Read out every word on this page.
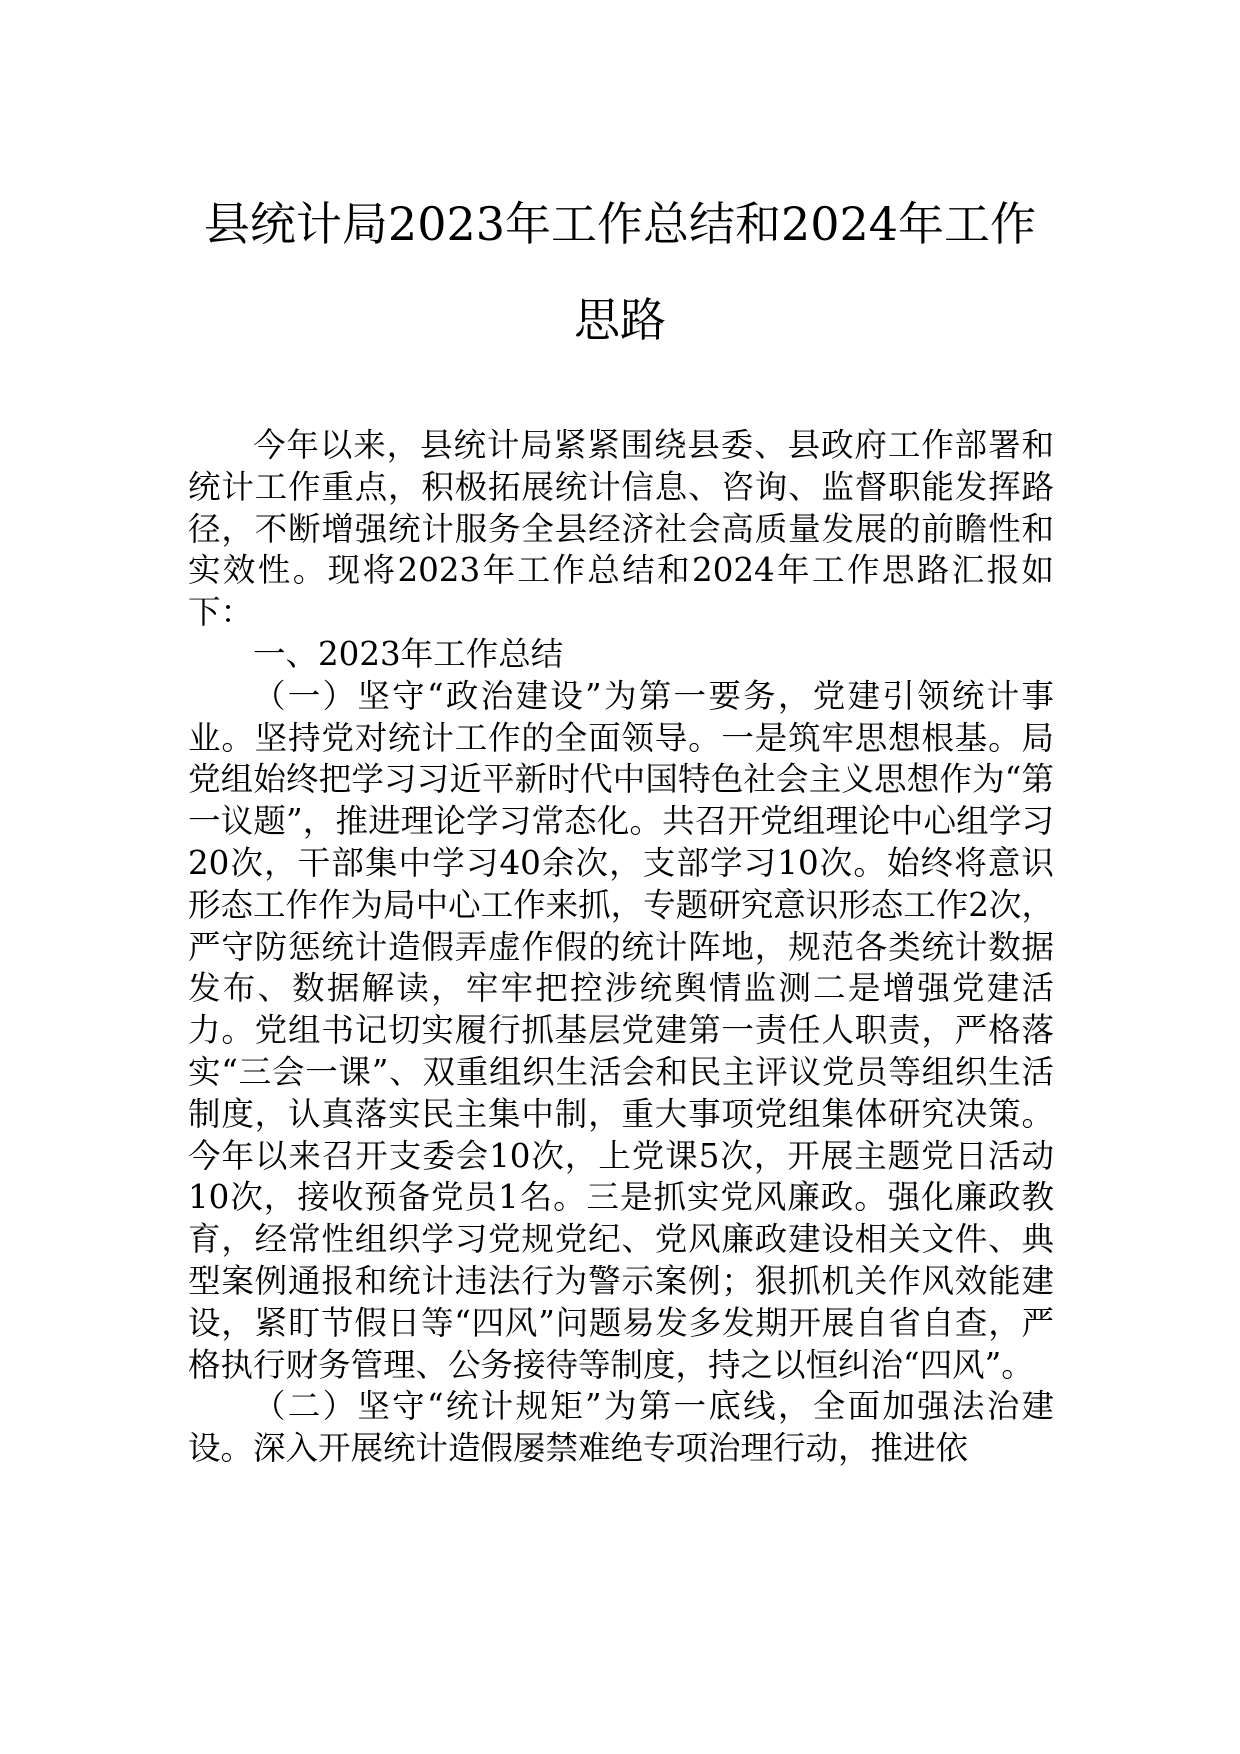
县统计局2023年工作总结和2024年工作思路

今年以来，县统计局紧紧围绕县委、县政府工作部署和统计工作重点，积极拓展统计信息、咨询、监督职能发挥路径，不断增强统计服务全县经济社会高质量发展的前瞻性和实效性。现将2023年工作总结和2024年工作思路汇报如下：

一、2023年工作总结

（一）坚守“政治建设”为第一要务，党建引领统计事业。坚持党对统计工作的全面领导。一是筑牢思想根基。局党组始终把学习习近平新时代中国特色社会主义思想作为“第一议题”，推进理论学习常态化。共召开党组理论中心组学习20次，干部集中学习40余次，支部学习10次。始终将意识形态工作作为局中心工作来抓，专题研究意识形态工作2次，严守防惩统计造假弄虚作假的统计阵地，规范各类统计数据发布、数据解读，牢牢把控涉统舆情监测二是增强党建活力。党组书记切实履行抓基层党建第一责任人职责，严格落实“三会一课”、双重组织生活会和民主评议党员等组织生活制度，认真落实民主集中制，重大事项党组集体研究决策。今年以来召开支委会10次，上党课5次，开展主题党日活动10次，接收预备党员1名。三是抓实党风廉政。强化廉政教育，经常性组织学习党规党纪、党风廉政建设相关文件、典型案例通报和统计违法行为警示案例；狠抓机关作风效能建设，紧盯节假日等“四风”问题易发多发期开展自省自查，严格执行财务管理、公务接待等制度，持之以恒纠治“四风”。

（二）坚守“统计规矩”为第一底线，全面加强法治建设。深入开展统计造假屡禁难绝专项治理行动，推进依
